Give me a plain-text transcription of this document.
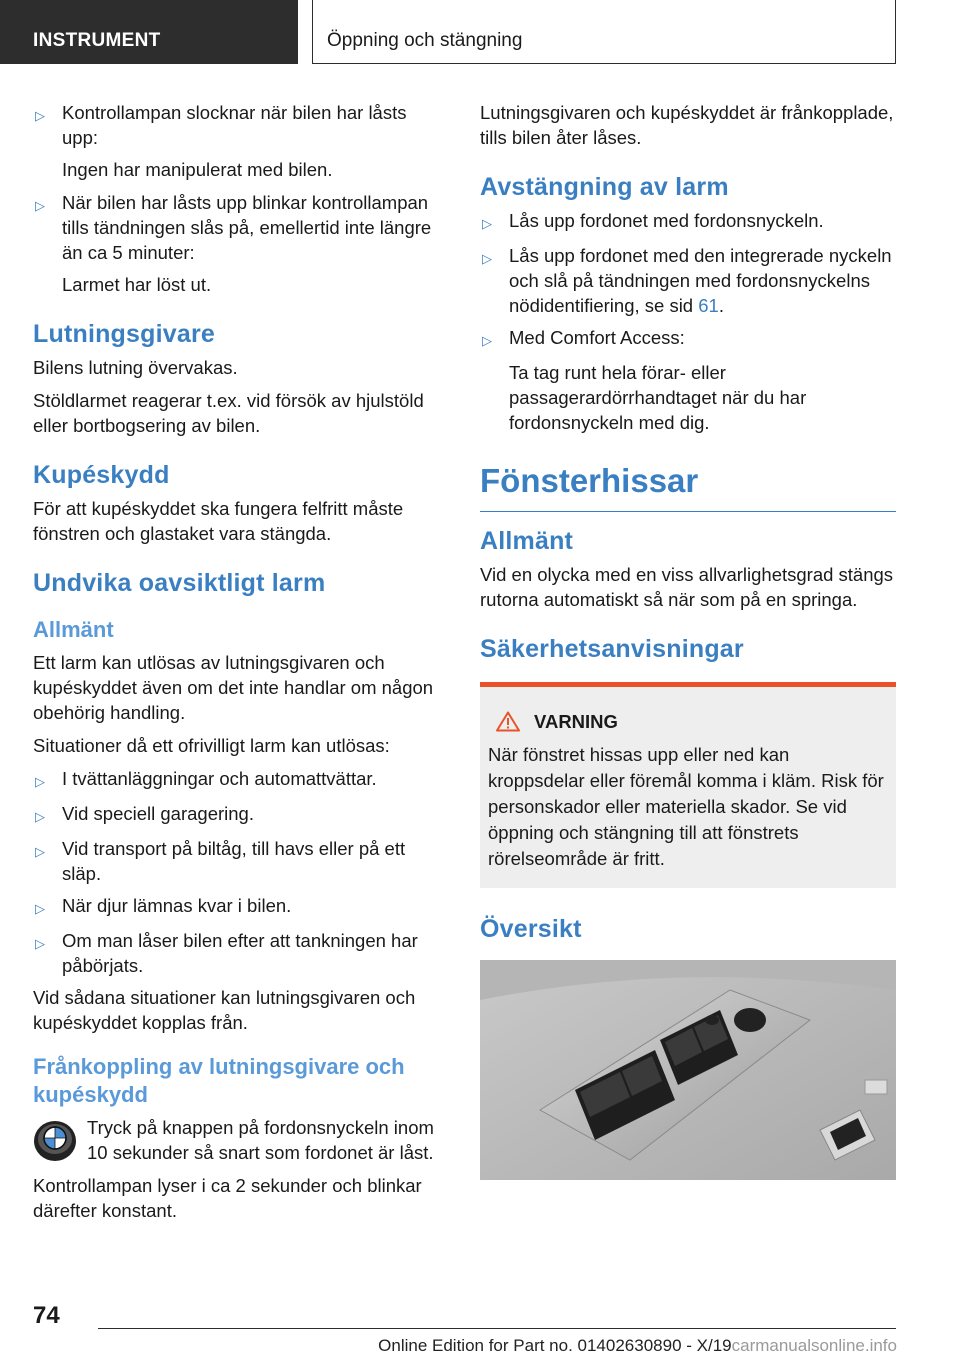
INSTRUMENT	Öppning och stängning
▷ Kontrollampan slocknar när bilen har låsts upp:
Ingen har manipulerat med bilen.
▷ När bilen har låsts upp blinkar kontrollampan tills tändningen slås på, emellertid inte längre än ca 5 minuter:
Larmet har löst ut.
Lutningsgivare
Bilens lutning övervakas.
Stöldlarmet reagerar t.ex. vid försök av hjulstöld eller bortbogsering av bilen.
Kupéskydd
För att kupéskyddet ska fungera felfritt måste fönstren och glastaket vara stängda.
Undvika oavsiktligt larm
Allmänt
Ett larm kan utlösas av lutningsgivaren och kupéskyddet även om det inte handlar om någon obehörig handling.
Situationer då ett ofrivilligt larm kan utlösas:
▷ I tvättanläggningar och automattvättar.
▷ Vid speciell garagering.
▷ Vid transport på biltåg, till havs eller på ett släp.
▷ När djur lämnas kvar i bilen.
▷ Om man låser bilen efter att tankningen har påbörjats.
Vid sådana situationer kan lutningsgivaren och kupéskyddet kopplas från.
Frånkoppling av lutningsgivare och kupéskydd
Tryck på knappen på fordonsnyckeln inom 10 sekunder så snart som fordonet är låst.
Kontrollampan lyser i ca 2 sekunder och blinkar därefter konstant.
Lutningsgivaren och kupéskyddet är frånkopplade, tills bilen åter låses.
Avstängning av larm
▷ Lås upp fordonet med fordonsnyckeln.
▷ Lås upp fordonet med den integrerade nyckeln och slå på tändningen med fordonsnyckelns nödidentifiering, se sid 61.
▷ Med Comfort Access:
Ta tag runt hela förar- eller passagerardörrhandtaget när du har fordonsnyckeln med dig.
Fönsterhissar
Allmänt
Vid en olycka med en viss allvarlighetsgrad stängs rutorna automatiskt så när som på en springa.
Säkerhetsanvisningar
VARNING
När fönstret hissas upp eller ned kan kroppsdelar eller föremål komma i kläm. Risk för personskador eller materiella skador. Se vid öppning och stängning till att fönstrets rörelseområde är fritt.
Översikt
74
Online Edition for Part no. 01402630890 - X/19carmanualsonline.info
